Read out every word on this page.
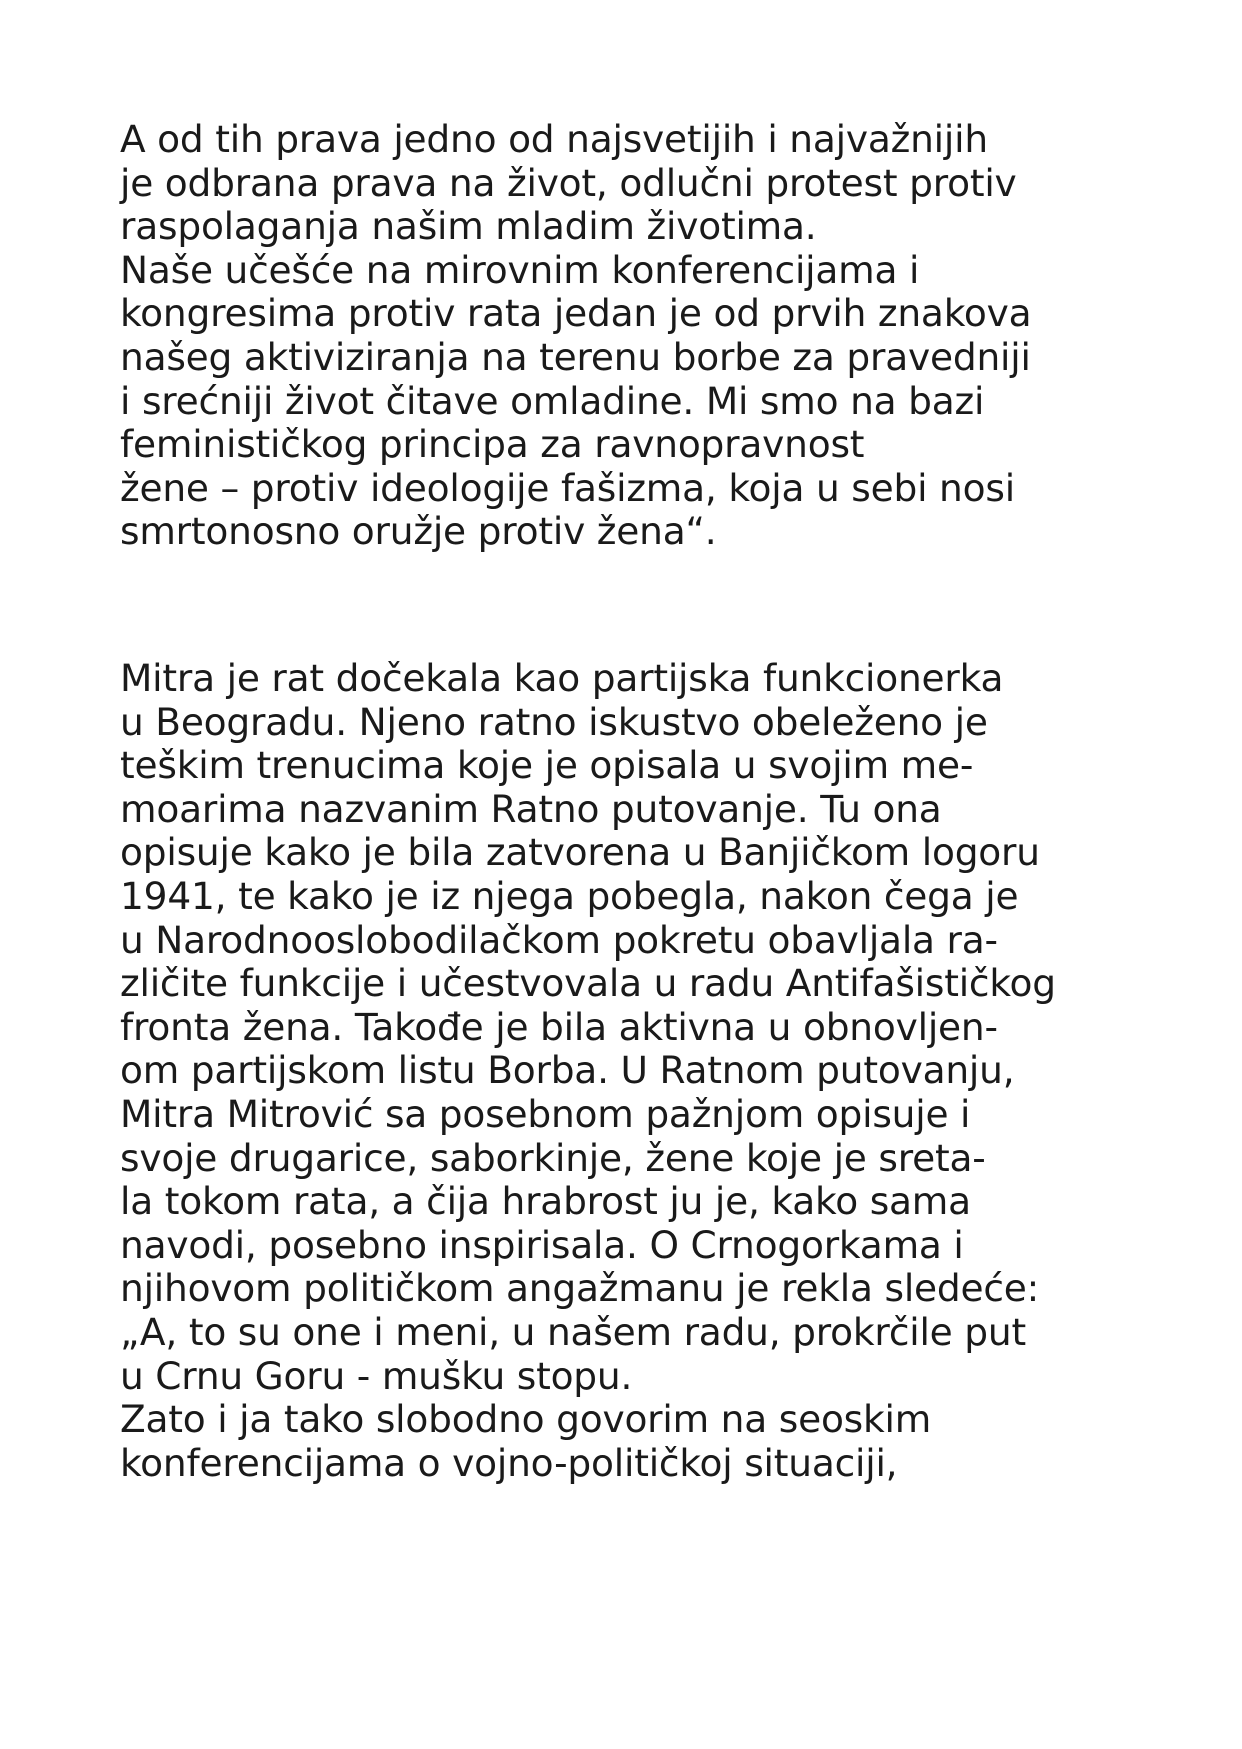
A od tih prava jedno od najsvetijih i najvažnijih
je odbrana prava na život, odlučni protest protiv
raspolaganja našim mladim životima.
Naše učešće na mirovnim konferencijama i
kongresima protiv rata jedan je od prvih znakova
našeg aktiviziranja na terenu borbe za pravedniji
i srećniji život čitave omladine. Mi smo na bazi
feminističkog principa za ravnopravnost
žene – protiv ideologije fašizma, koja u sebi nosi
smrtonosno oružje protiv žena“.
Mitra je rat dočekala kao partijska funkcionerka
u Beogradu. Njeno ratno iskustvo obeleženo je
teškim trenucima koje je opisala u svojim me-
moarima nazvanim Ratno putovanje. Tu ona
opisuje kako je bila zatvorena u Banjičkom logoru
1941, te kako je iz njega pobegla, nakon čega je
u Narodnooslobodilačkom pokretu obavljala ra-
zličite funkcije i učestvovala u radu Antifašističkog
fronta žena. Takođe je bila aktivna u obnovljen-
om partijskom listu Borba. U Ratnom putovanju,
Mitra Mitrović sa posebnom pažnjom opisuje i
svoje drugarice, saborkinje, žene koje je sreta-
la tokom rata, a čija hrabrost ju je, kako sama
navodi, posebno inspirisala. O Crnogorkama i
njihovom političkom angažmanu je rekla sledeće:
„A, to su one i meni, u našem radu, prokrčile put
u Crnu Goru - mušku stopu.
Zato i ja tako slobodno govorim na seoskim
konferencijama o vojno-političkoj situaciji,
